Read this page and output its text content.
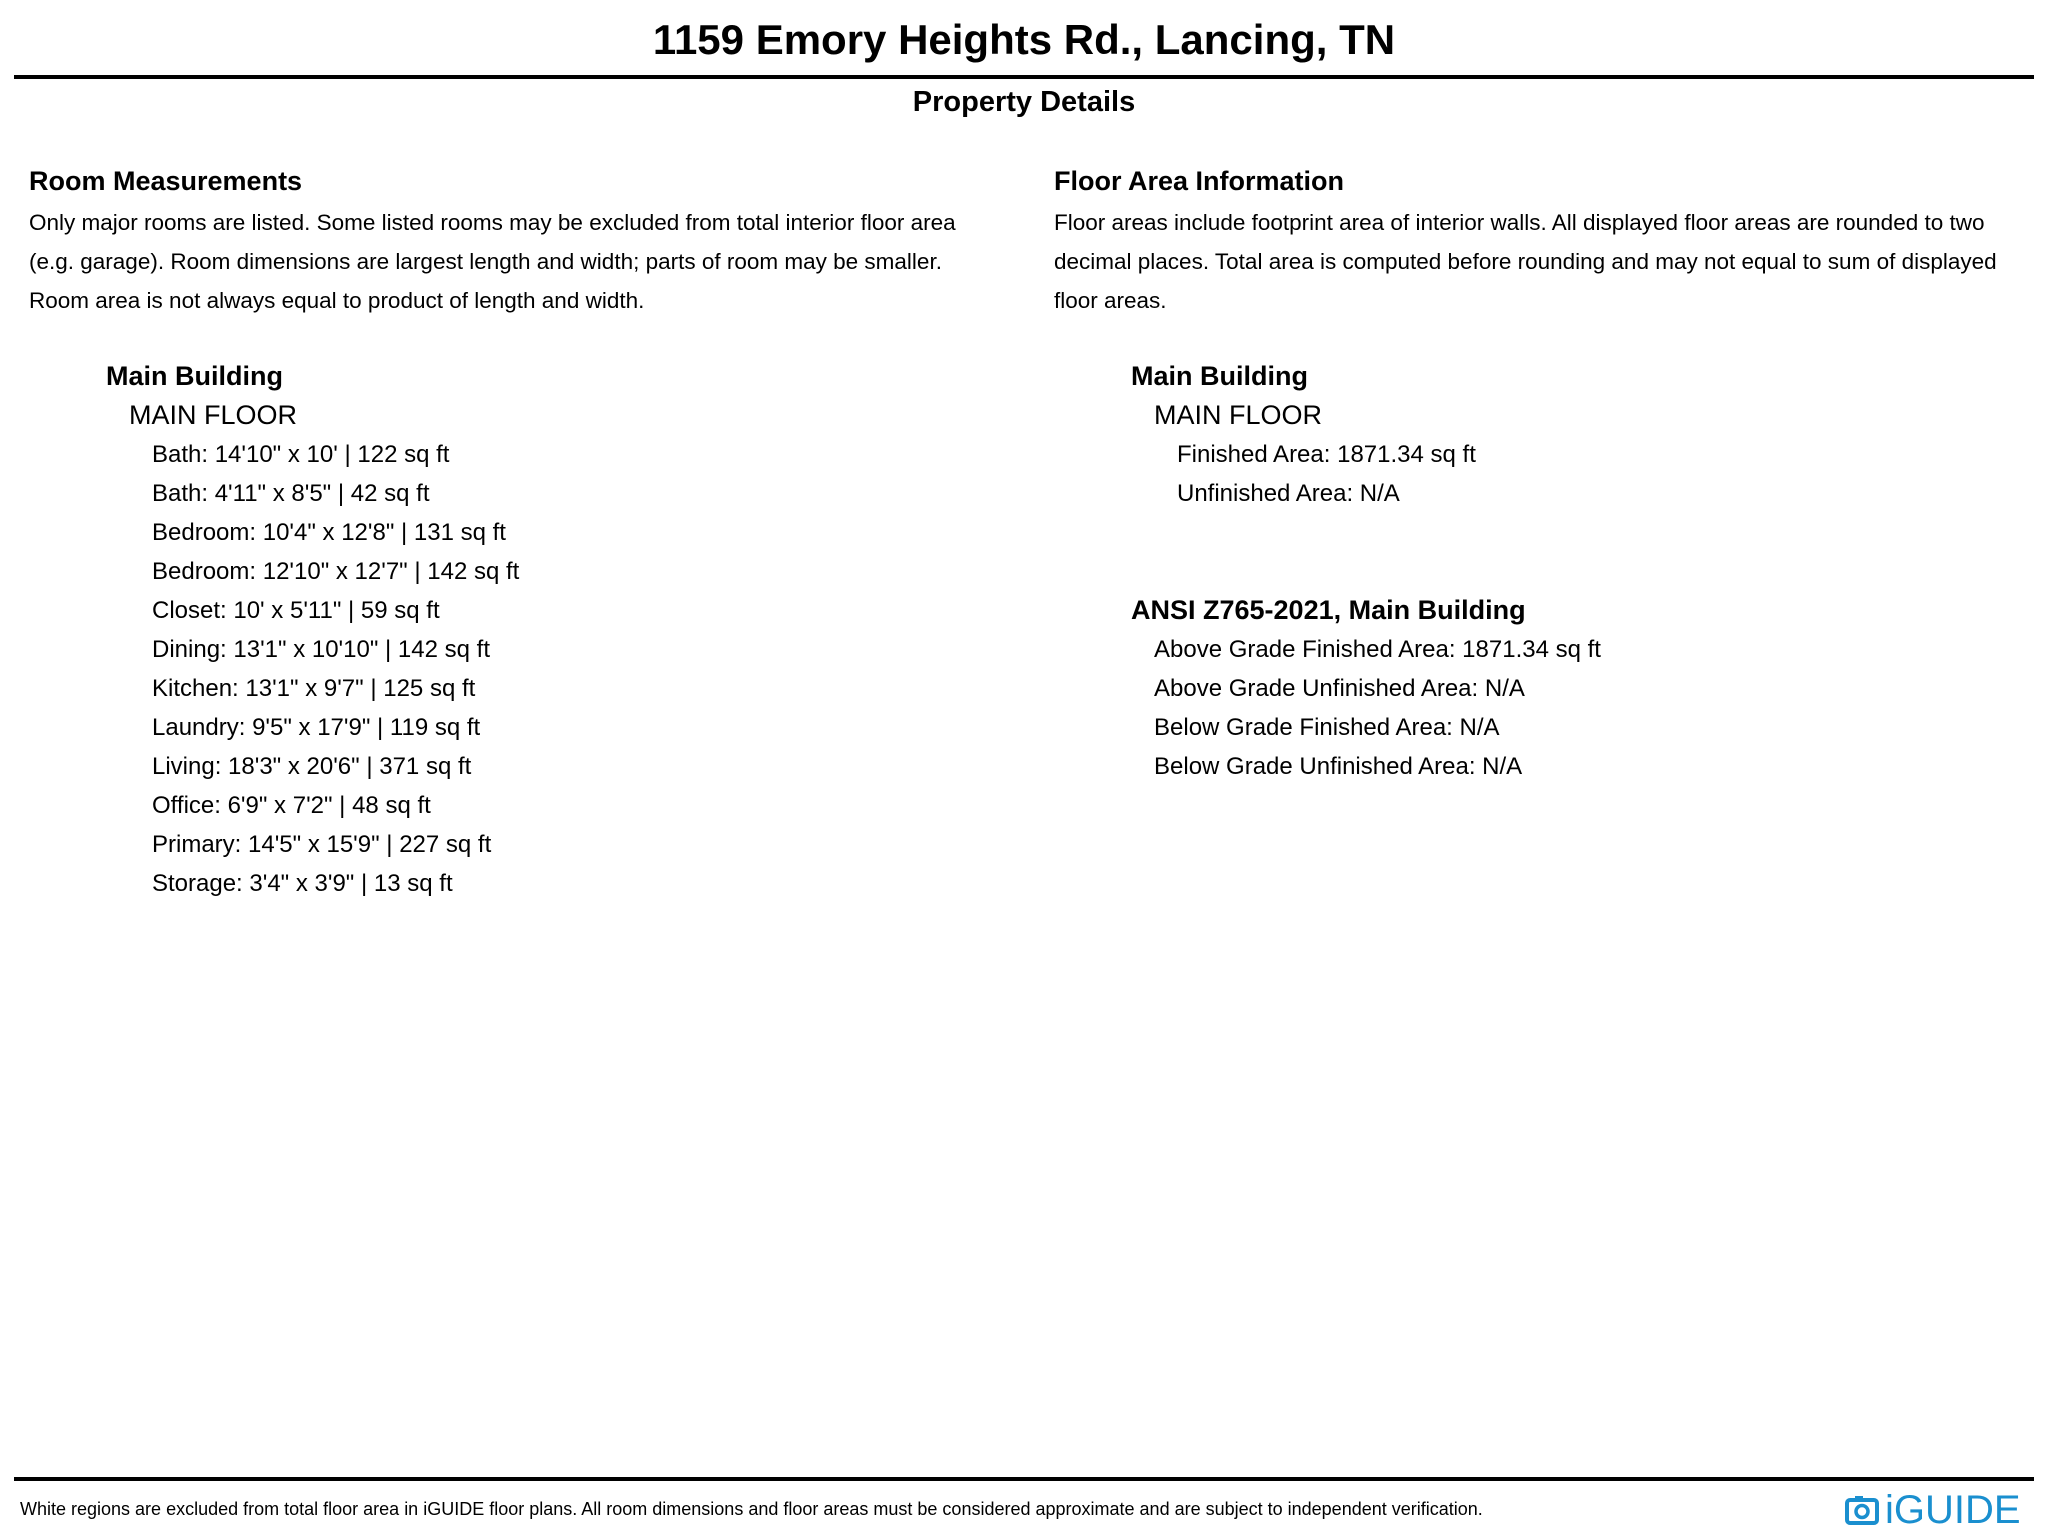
1159 Emory Heights Rd., Lancing, TN
Property Details
Room Measurements
Only major rooms are listed. Some listed rooms may be excluded from total interior floor area
(e.g. garage). Room dimensions are largest length and width; parts of room may be smaller.
Room area is not always equal to product of length and width.
Main Building
MAIN FLOOR
Bath: 14'10" x 10' | 122 sq ft
Bath: 4'11" x 8'5" | 42 sq ft
Bedroom: 10'4" x 12'8" | 131 sq ft
Bedroom: 12'10" x 12'7" | 142 sq ft
Closet: 10' x 5'11" | 59 sq ft
Dining: 13'1" x 10'10" | 142 sq ft
Kitchen: 13'1" x 9'7" | 125 sq ft
Laundry: 9'5" x 17'9" | 119 sq ft
Living: 18'3" x 20'6" | 371 sq ft
Office: 6'9" x 7'2" | 48 sq ft
Primary: 14'5" x 15'9" | 227 sq ft
Storage: 3'4" x 3'9" | 13 sq ft
Floor Area Information
Floor areas include footprint area of interior walls. All displayed floor areas are rounded to two
decimal places. Total area is computed before rounding and may not equal to sum of displayed
floor areas.
Main Building
MAIN FLOOR
Finished Area: 1871.34 sq ft
Unfinished Area: N/A
ANSI Z765-2021, Main Building
Above Grade Finished Area: 1871.34 sq ft
Above Grade Unfinished Area: N/A
Below Grade Finished Area: N/A
Below Grade Unfinished Area: N/A
White regions are excluded from total floor area in iGUIDE floor plans. All room dimensions and floor areas must be considered approximate and are subject to independent verification.	iGUIDE
